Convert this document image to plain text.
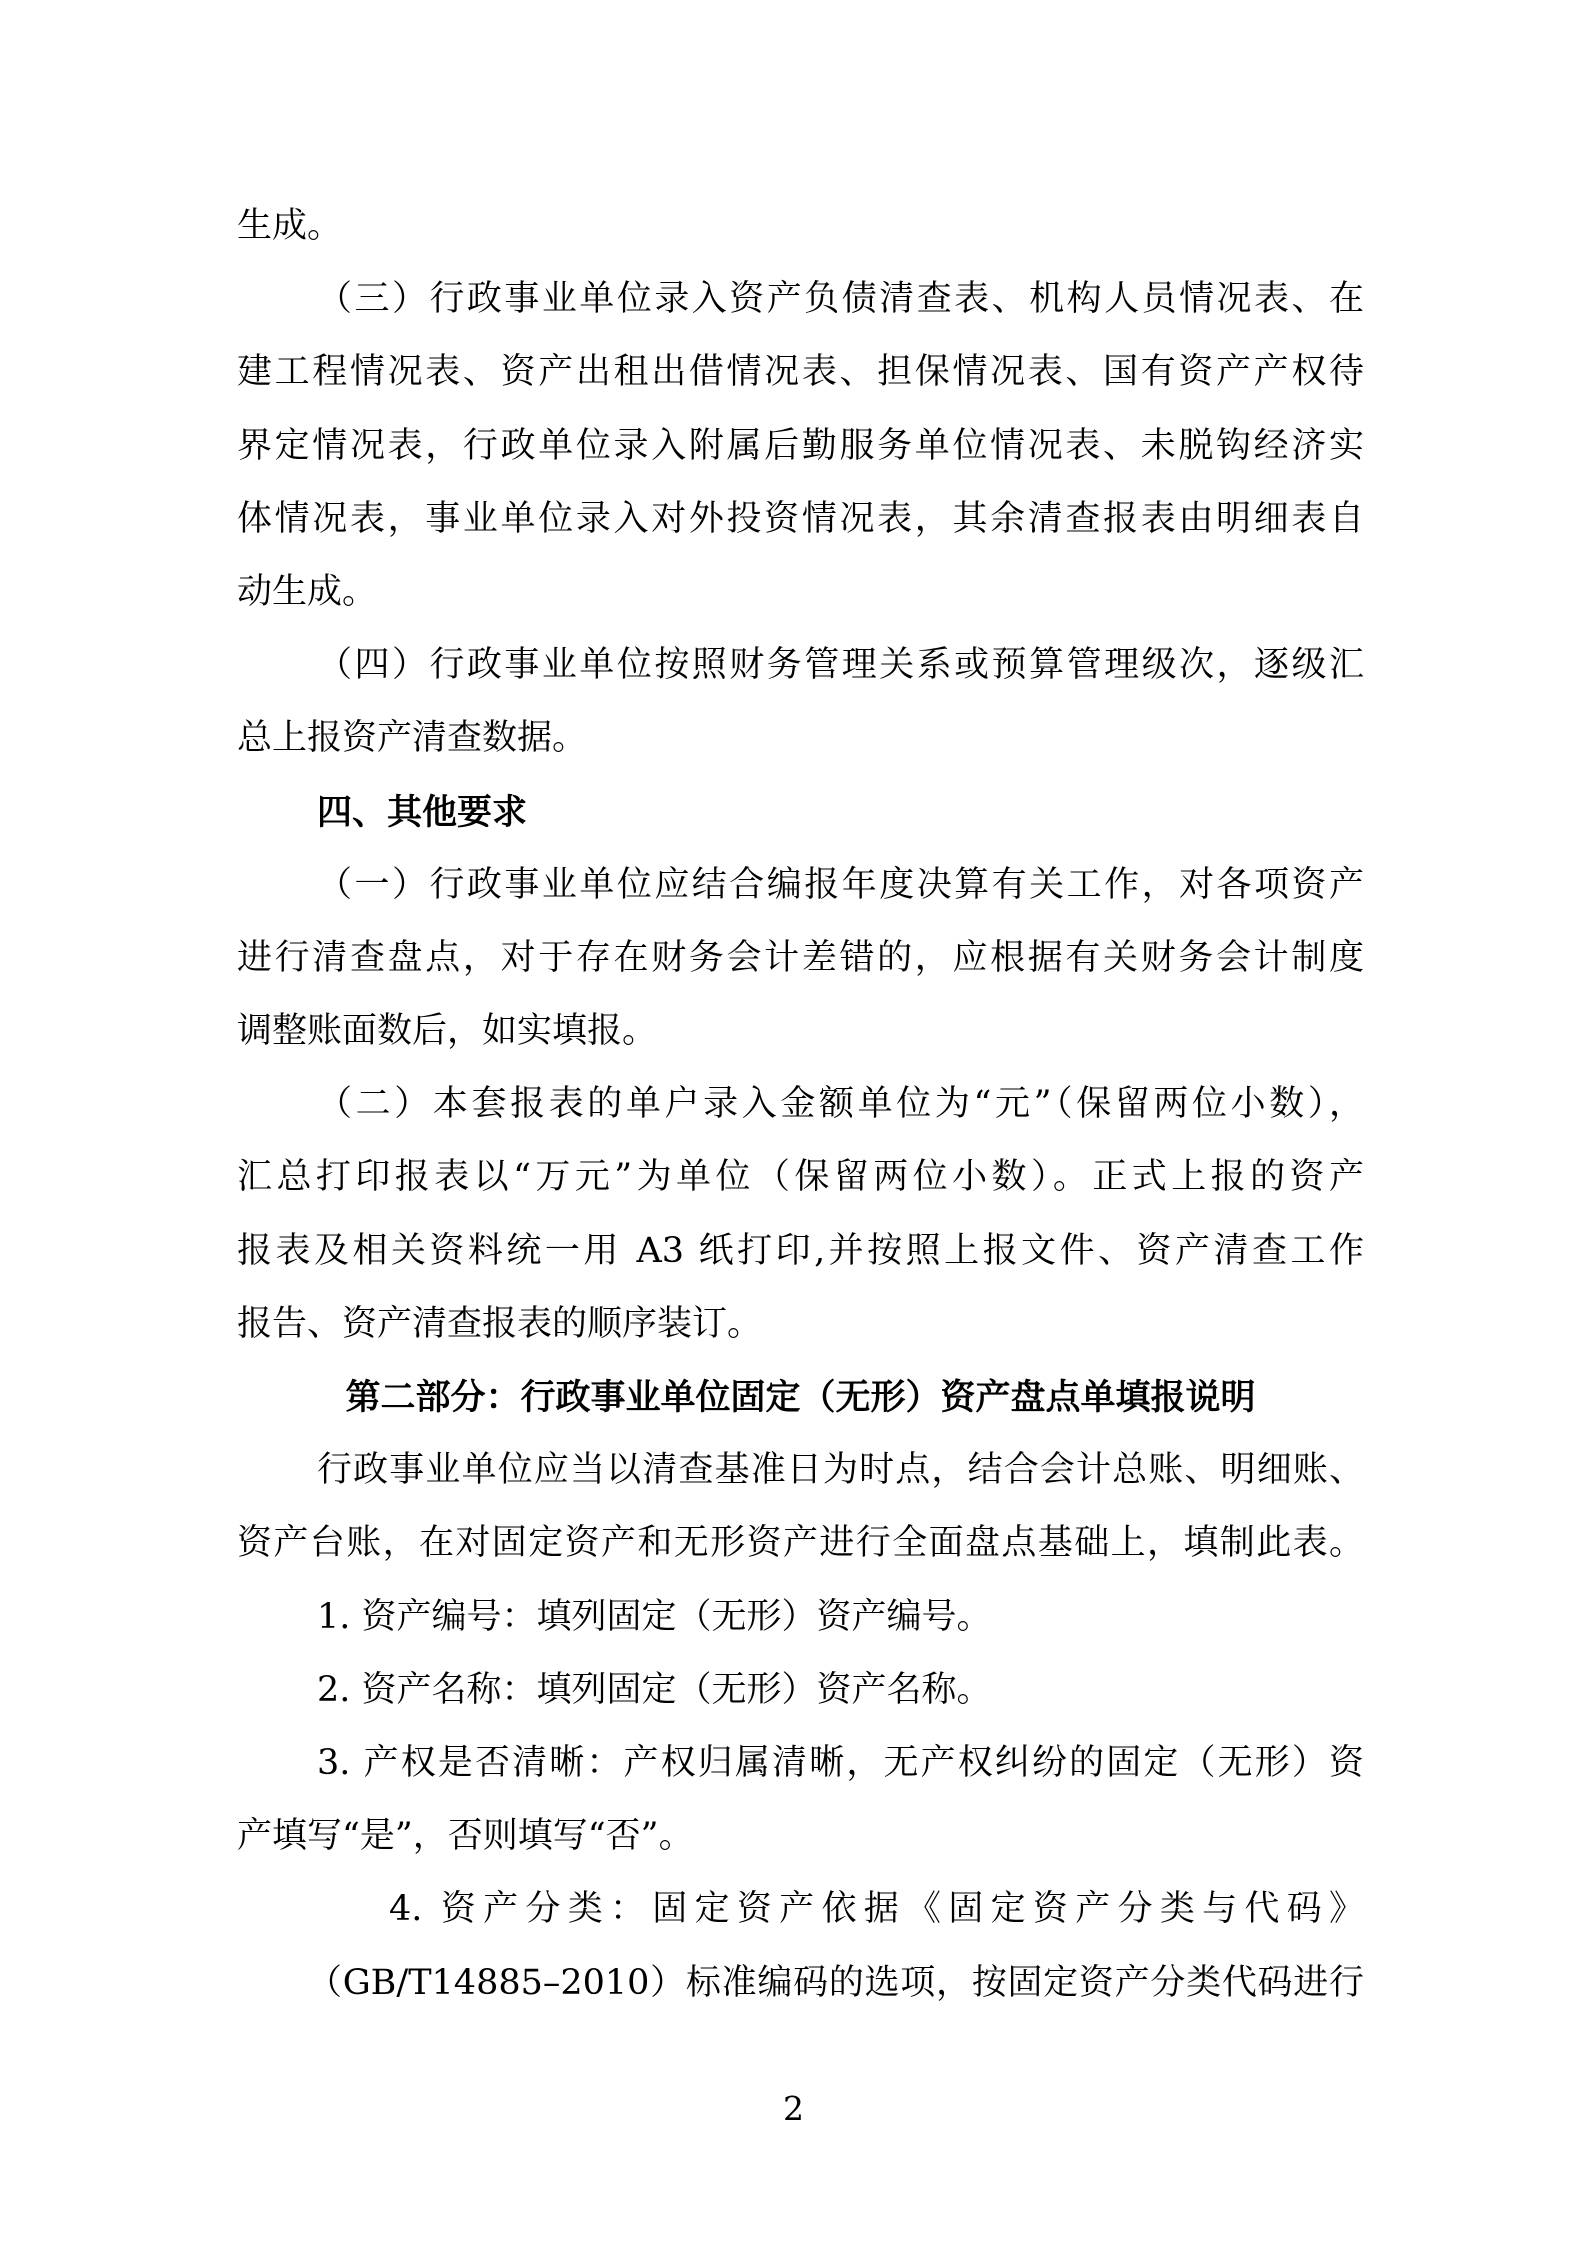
生成。
（三）行政事业单位录入资产负债清查表、机构人员情况表、在
建工程情况表、资产出租出借情况表、担保情况表、国有资产产权待
界定情况表，行政单位录入附属后勤服务单位情况表、未脱钩经济实
体情况表，事业单位录入对外投资情况表，其余清查报表由明细表自
动生成。
（四）行政事业单位按照财务管理关系或预算管理级次，逐级汇
总上报资产清查数据。
四、其他要求
（一）行政事业单位应结合编报年度决算有关工作，对各项资产
进行清查盘点，对于存在财务会计差错的，应根据有关财务会计制度
调整账面数后，如实填报。
（二）本套报表的单户录入金额单位为“元”（保留两位小数），
汇总打印报表以“万元”为单位（保留两位小数）。正式上报的资产
报表及相关资料统一用 A3 纸打印,并按照上报文件、资产清查工作
报告、资产清查报表的顺序装订。
第二部分：行政事业单位固定（无形）资产盘点单填报说明
行政事业单位应当以清查基准日为时点，结合会计总账、明细账、
资产台账，在对固定资产和无形资产进行全面盘点基础上，填制此表。
1. 资产编号：填列固定（无形）资产编号。
2. 资产名称：填列固定（无形）资产名称。
3. 产权是否清晰：产权归属清晰，无产权纠纷的固定（无形）资
产填写“是”，否则填写“否”。
4. 资产分类：固定资产依据《固定资产分类与代码》
（GB/T14885–2010）标准编码的选项，按固定资产分类代码进行
2
